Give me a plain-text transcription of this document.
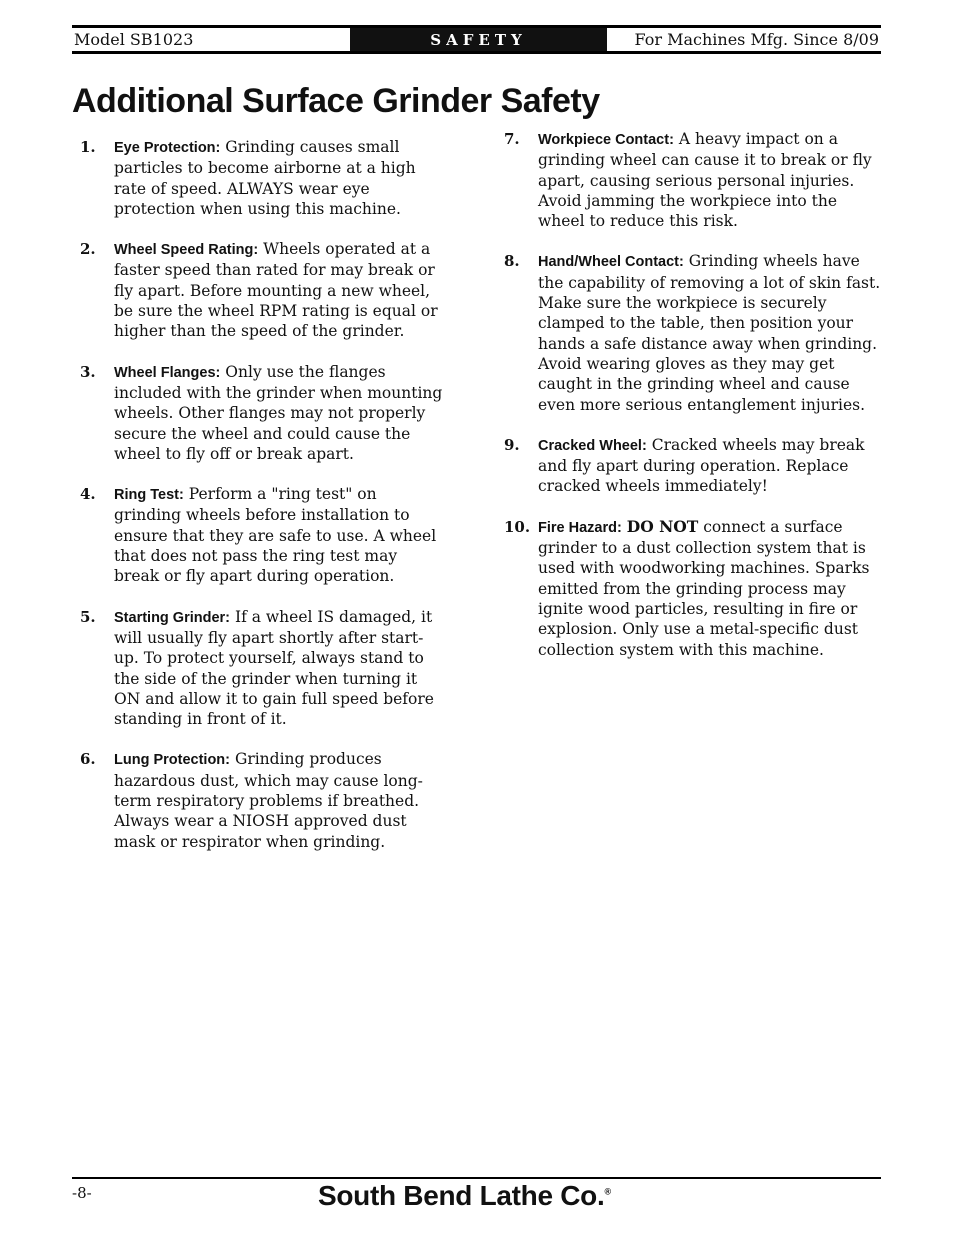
Model SB1023	SAFETY	For Machines Mfg. Since 8/09
Additional Surface Grinder Safety
1.	Eye Protection: Grinding causes small particles to become airborne at a high rate of speed. ALWAYS wear eye protection when using this machine.
2.	Wheel Speed Rating: Wheels operated at a faster speed than rated for may break or fly apart. Before mounting a new wheel, be sure the wheel RPM rating is equal or higher than the speed of the grinder.
3.	Wheel Flanges: Only use the flanges included with the grinder when mounting wheels. Other flanges may not properly secure the wheel and could cause the wheel to fly off or break apart.
4.	Ring Test: Perform a "ring test" on grinding wheels before installation to ensure that they are safe to use. A wheel that does not pass the ring test may break or fly apart during operation.
5.	Starting Grinder: If a wheel IS damaged, it will usually fly apart shortly after start-up. To protect yourself, always stand to the side of the grinder when turning it ON and allow it to gain full speed before standing in front of it.
6.	Lung Protection: Grinding produces hazardous dust, which may cause long-term respiratory problems if breathed. Always wear a NIOSH approved dust mask or respirator when grinding.
7.	Workpiece Contact: A heavy impact on a grinding wheel can cause it to break or fly apart, causing serious personal injuries. Avoid jamming the workpiece into the wheel to reduce this risk.
8.	Hand/Wheel Contact: Grinding wheels have the capability of removing a lot of skin fast. Make sure the workpiece is securely clamped to the table, then position your hands a safe distance away when grinding. Avoid wearing gloves as they may get caught in the grinding wheel and cause even more serious entanglement injuries.
9.	Cracked Wheel: Cracked wheels may break and fly apart during operation. Replace cracked wheels immediately!
10. Fire Hazard: DO NOT connect a surface grinder to a dust collection system that is used with woodworking machines. Sparks emitted from the grinding process may ignite wood particles, resulting in fire or explosion. Only use a metal-specific dust collection system with this machine.
-8-	South Bend Lathe Co.®
